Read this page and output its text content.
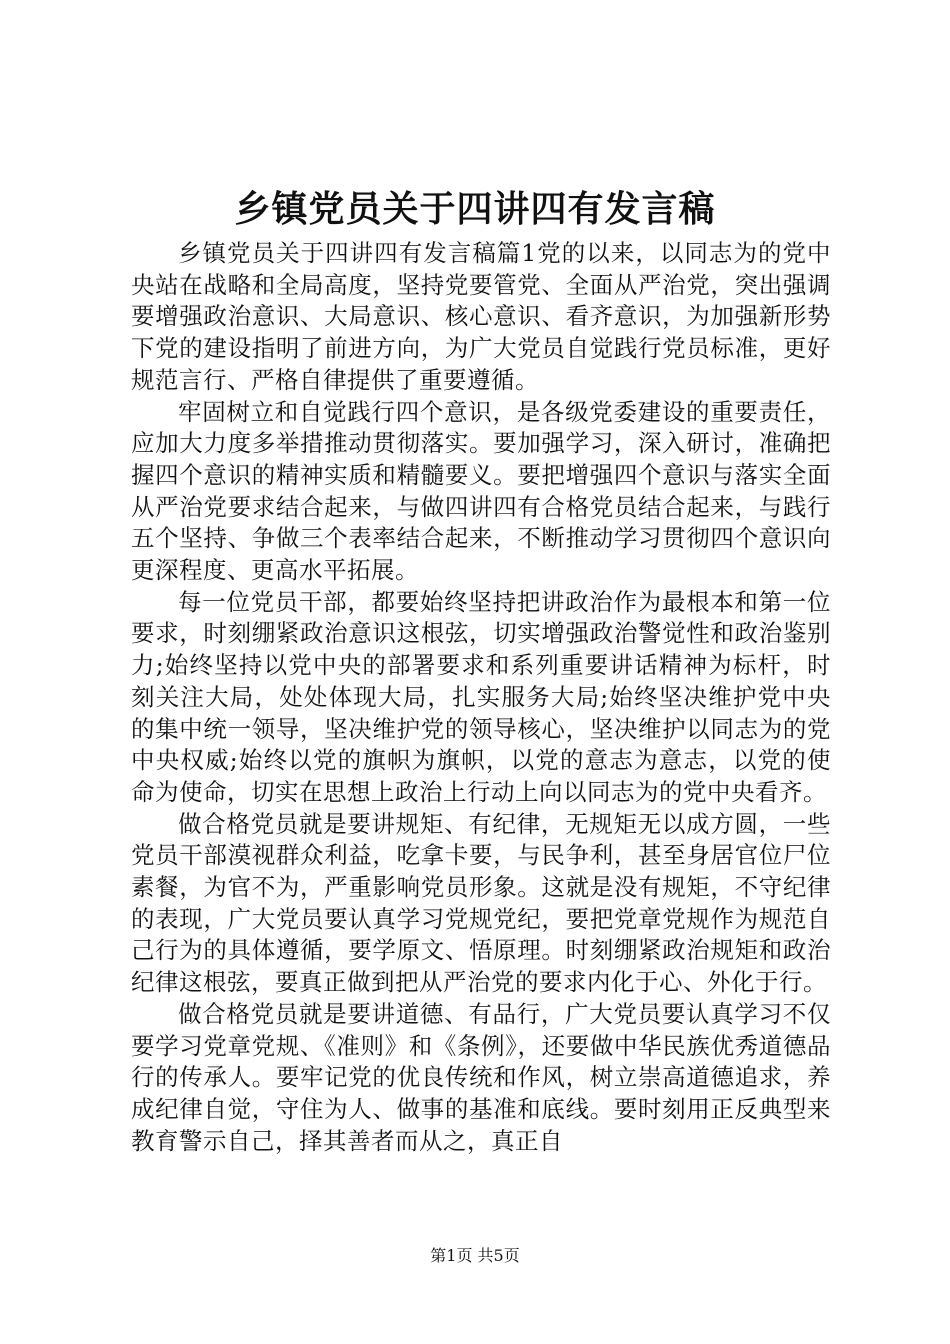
乡镇党员关于四讲四有发言稿

乡镇党员关于四讲四有发言稿篇1党的以来，以同志为的党中央站在战略和全局高度，坚持党要管党、全面从严治党，突出强调要增强政治意识、大局意识、核心意识、看齐意识，为加强新形势下党的建设指明了前进方向，为广大党员自觉践行党员标准，更好规范言行、严格自律提供了重要遵循。

牢固树立和自觉践行四个意识，是各级党委建设的重要责任，应加大力度多举措推动贯彻落实。要加强学习，深入研讨，准确把握四个意识的精神实质和精髓要义。要把增强四个意识与落实全面从严治党要求结合起来，与做四讲四有合格党员结合起来，与践行五个坚持、争做三个表率结合起来，不断推动学习贯彻四个意识向更深程度、更高水平拓展。

每一位党员干部，都要始终坚持把讲政治作为最根本和第一位要求，时刻绷紧政治意识这根弦，切实增强政治警觉性和政治鉴别力;始终坚持以党中央的部署要求和系列重要讲话精神为标杆，时刻关注大局，处处体现大局，扎实服务大局;始终坚决维护党中央的集中统一领导，坚决维护党的领导核心，坚决维护以同志为的党中央权威;始终以党的旗帜为旗帜，以党的意志为意志，以党的使命为使命，切实在思想上政治上行动上向以同志为的党中央看齐。

做合格党员就是要讲规矩、有纪律，无规矩无以成方圆，一些党员干部漠视群众利益，吃拿卡要，与民争利，甚至身居官位尸位素餐，为官不为，严重影响党员形象。这就是没有规矩，不守纪律的表现，广大党员要认真学习党规党纪，要把党章党规作为规范自己行为的具体遵循，要学原文、悟原理。时刻绷紧政治规矩和政治纪律这根弦，要真正做到把从严治党的要求内化于心、外化于行。

做合格党员就是要讲道德、有品行，广大党员要认真学习不仅要学习党章党规、《准则》和《条例》，还要做中华民族优秀道德品行的传承人。要牢记党的优良传统和作风，树立崇高道德追求，养成纪律自觉，守住为人、做事的基准和底线。要时刻用正反典型来教育警示自己，择其善者而从之，真正自

第1页 共5页
